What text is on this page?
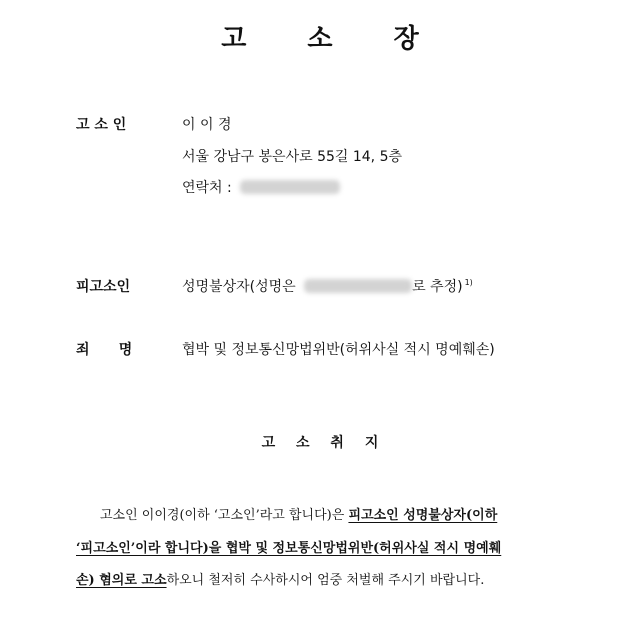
고 소 장
고 소 인	이 이 경
서울 강남구 봉은사로 55길 14, 5층
연락처 :
피고소인	성명불상자(성명은	로 추정) $^{1)}$
죄      명	협박 및 정보통신망법위반(허위사실 적시 명예훼손)
고 소 취 지
고소인 이이경(이하 ‘고소인’라고 합니다)은 피고소인 성명불상자(이하
‘피고소인’이라 합니다)을 협박 및 정보통신망법위반(허위사실 적시 명예훼
손) 혐의로 고소하오니 철저히 수사하시어 엄중 처벌해 주시기 바랍니다.
